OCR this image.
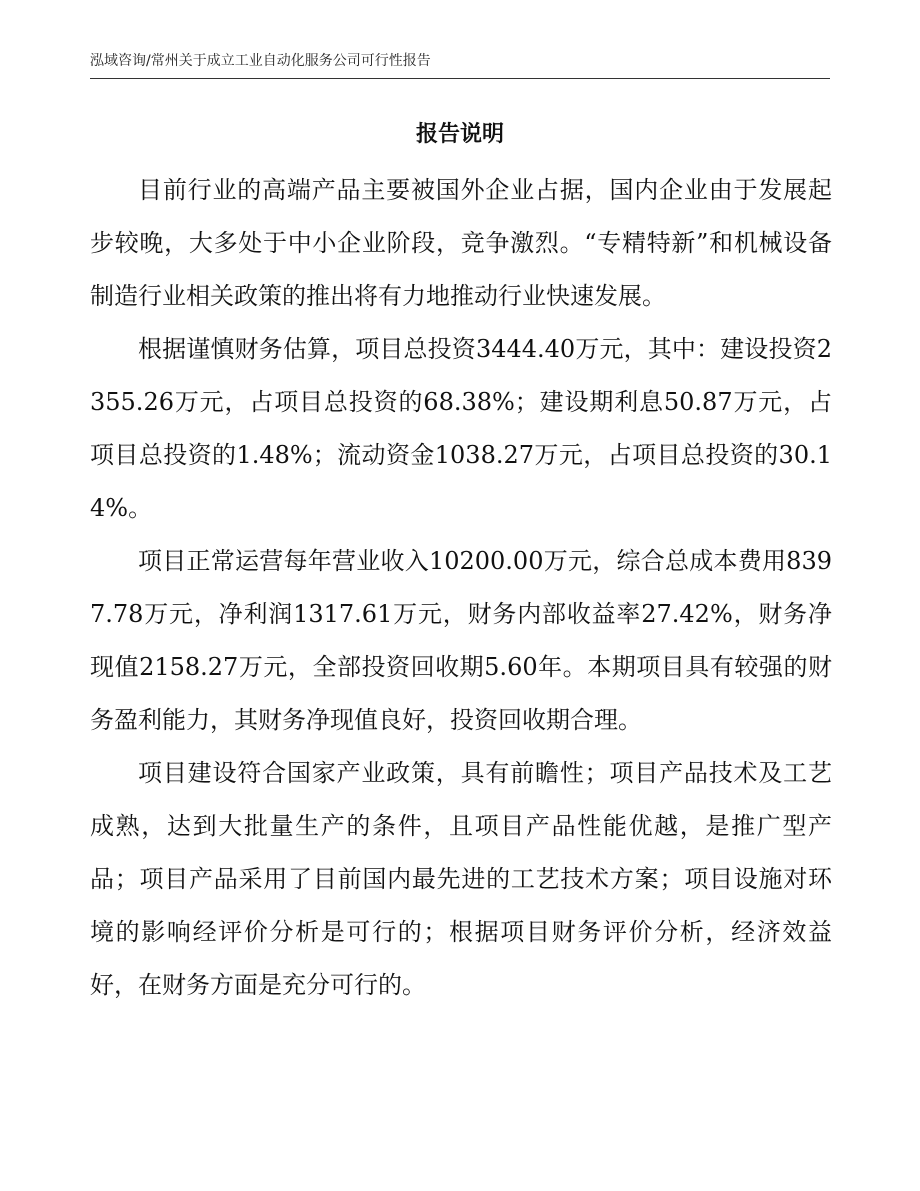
泓域咨询/常州关于成立工业自动化服务公司可行性报告
报告说明

目前行业的高端产品主要被国外企业占据，国内企业由于发展起步较晚，大多处于中小企业阶段，竞争激烈。“专精特新”和机械设备制造行业相关政策的推出将有力地推动行业快速发展。

根据谨慎财务估算，项目总投资3444.40万元，其中：建设投资2355.26万元，占项目总投资的68.38%；建设期利息50.87万元，占项目总投资的1.48%；流动资金1038.27万元，占项目总投资的30.14%。

项目正常运营每年营业收入10200.00万元，综合总成本费用8397.78万元，净利润1317.61万元，财务内部收益率27.42%，财务净现值2158.27万元，全部投资回收期5.60年。本期项目具有较强的财务盈利能力，其财务净现值良好，投资回收期合理。

项目建设符合国家产业政策，具有前瞻性；项目产品技术及工艺成熟，达到大批量生产的条件，且项目产品性能优越，是推广型产品；项目产品采用了目前国内最先进的工艺技术方案；项目设施对环境的影响经评价分析是可行的；根据项目财务评价分析，经济效益好，在财务方面是充分可行的。
